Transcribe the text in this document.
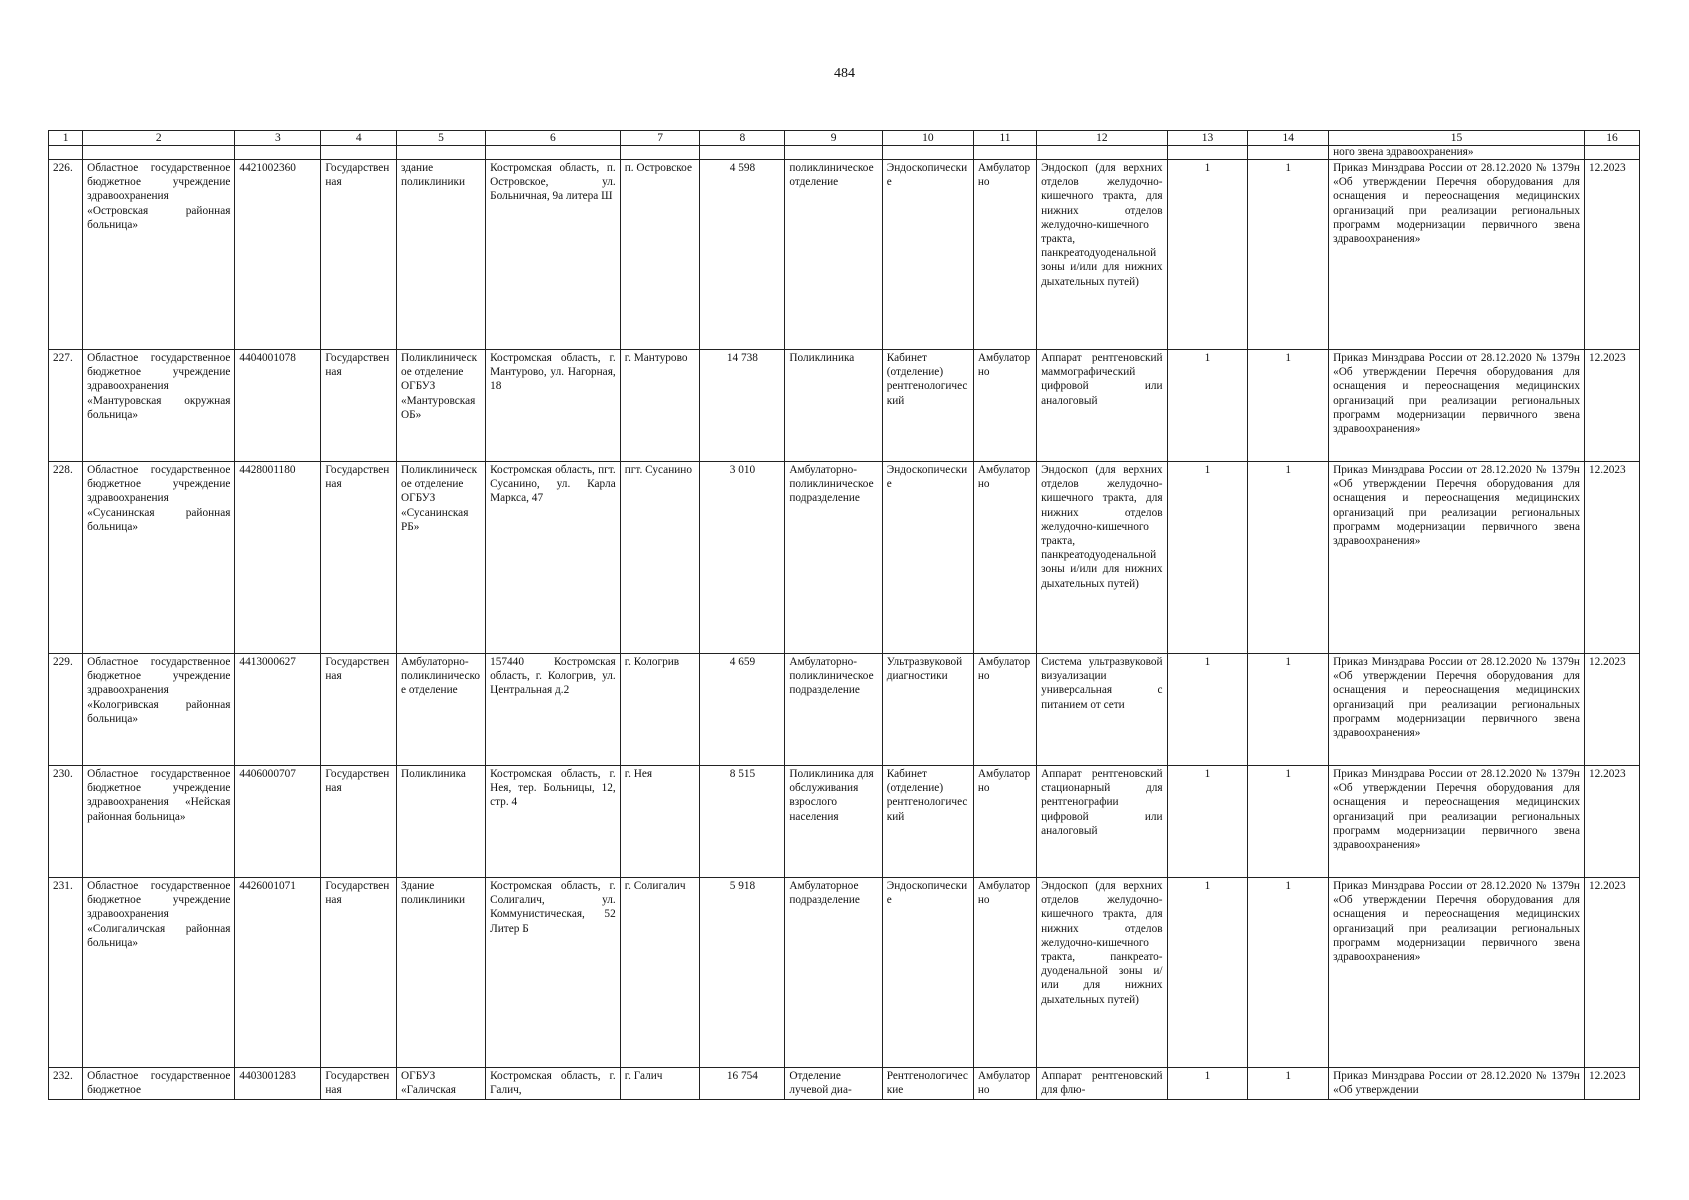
484
1	2	3	4	5	6	7	8	9	10	11	12	13	14	15	16
														ного звена здравоохранения»	
226.	Областное государственное бюджетное учреждение здравоохранения «Островская районная больница»	4421002360	Государственная	здание поликлиники	Костромская область, п. Островское, ул. Больничная, 9а литера Ш	п. Островское	4 598	поликлиническое отделение	Эндоскопические	Амбулаторно	Эндоскоп (для верхних отделов желудочно-кишечного тракта, для нижних отделов желудочно-кишечного тракта, панкреатодуоденальной зоны и/или для нижних дыхательных путей)	1	1	Приказ Минздрава России от 28.12.2020 № 1379н «Об утверждении Перечня оборудования для оснащения и переоснащения медицинских организаций при реализации региональных программ модернизации первичного звена здравоохранения»	12.2023
227.	Областное государственное бюджетное учреждение здравоохранения «Мантуровская окружная больница»	4404001078	Государственная	Поликлиническое отделение ОГБУЗ «Мантуровская ОБ»	Костромская область, г. Мантурово, ул. Нагорная, 18	г. Мантурово	14 738	Поликлиника	Кабинет (отделение) рентгенологический	Амбулаторно	Аппарат рентгеновский маммографический цифровой или аналоговый	1	1	Приказ Минздрава России от 28.12.2020 № 1379н «Об утверждении Перечня оборудования для оснащения и переоснащения медицинских организаций при реализации региональных программ модернизации первичного звена здравоохранения»	12.2023
228.	Областное государственное бюджетное учреждение здравоохранения «Сусанинская районная больница»	4428001180	Государственная	Поликлиническое отделение ОГБУЗ «Сусанинская РБ»	Костромская область, пгт. Сусанино, ул. Карла Маркса, 47	пгт. Сусанино	3 010	Амбулаторно-поликлиническое подразделение	Эндоскопические	Амбулаторно	Эндоскоп (для верхних отделов желудочно-кишечного тракта, для нижних отделов желудочно-кишечного тракта, панкреатодуоденальной зоны и/или для нижних дыхательных путей)	1	1	Приказ Минздрава России от 28.12.2020 № 1379н «Об утверждении Перечня оборудования для оснащения и переоснащения медицинских организаций при реализации региональных программ модернизации первичного звена здравоохранения»	12.2023
229.	Областное государственное бюджетное учреждение здравоохранения «Кологривская районная больница»	4413000627	Государственная	Амбулаторно-поликлиническое отделение	157440 Костромская область, г. Кологрив, ул. Центральная д.2	г. Кологрив	4 659	Амбулаторно-поликлиническое подразделение	Ультразвуковой диагностики	Амбулаторно	Система ультразвуковой визуализации универсальная с питанием от сети	1	1	Приказ Минздрава России от 28.12.2020 № 1379н «Об утверждении Перечня оборудования для оснащения и переоснащения медицинских организаций при реализации региональных программ модернизации первичного звена здравоохранения»	12.2023
230.	Областное государственное бюджетное учреждение здравоохранения «Нейская районная больница»	4406000707	Государственная	Поликлиника	Костромская область, г. Нея, тер. Больницы, 12, стр. 4	г. Нея	8 515	Поликлиника для обслуживания взрослого населения	Кабинет (отделение) рентгенологический	Амбулаторно	Аппарат рентгеновский стационарный для рентгенографии цифровой или аналоговый	1	1	Приказ Минздрава России от 28.12.2020 № 1379н «Об утверждении Перечня оборудования для оснащения и переоснащения медицинских организаций при реализации региональных программ модернизации первичного звена здравоохранения»	12.2023
231.	Областное государственное бюджетное учреждение здравоохранения «Солигаличская районная больница»	4426001071	Государственная	Здание поликлиники	Костромская область, г. Солигалич, ул. Коммунистическая, 52 Литер Б	г. Солигалич	5 918	Амбулаторное подразделение	Эндоскопические	Амбулаторно	Эндоскоп (для верхних отделов желудочно-кишечного тракта, для нижних отделов желудочно-кишечного тракта, панкреато-дуоденальной зоны и/или для нижних дыхательных путей)	1	1	Приказ Минздрава России от 28.12.2020 № 1379н «Об утверждении Перечня оборудования для оснащения и переоснащения медицинских организаций при реализации региональных программ модернизации первичного звена здравоохранения»	12.2023
232.	Областное государственное бюджетное	4403001283	Государственная	ОГБУЗ «Галичская	Костромская область, г. Галич,	г. Галич	16 754	Отделение лучевой диа-	Рентгенологические	Амбулаторно	Аппарат рентгеновский для флю-	1	1	Приказ Минздрава России от 28.12.2020 № 1379н «Об утверждении	12.2023
